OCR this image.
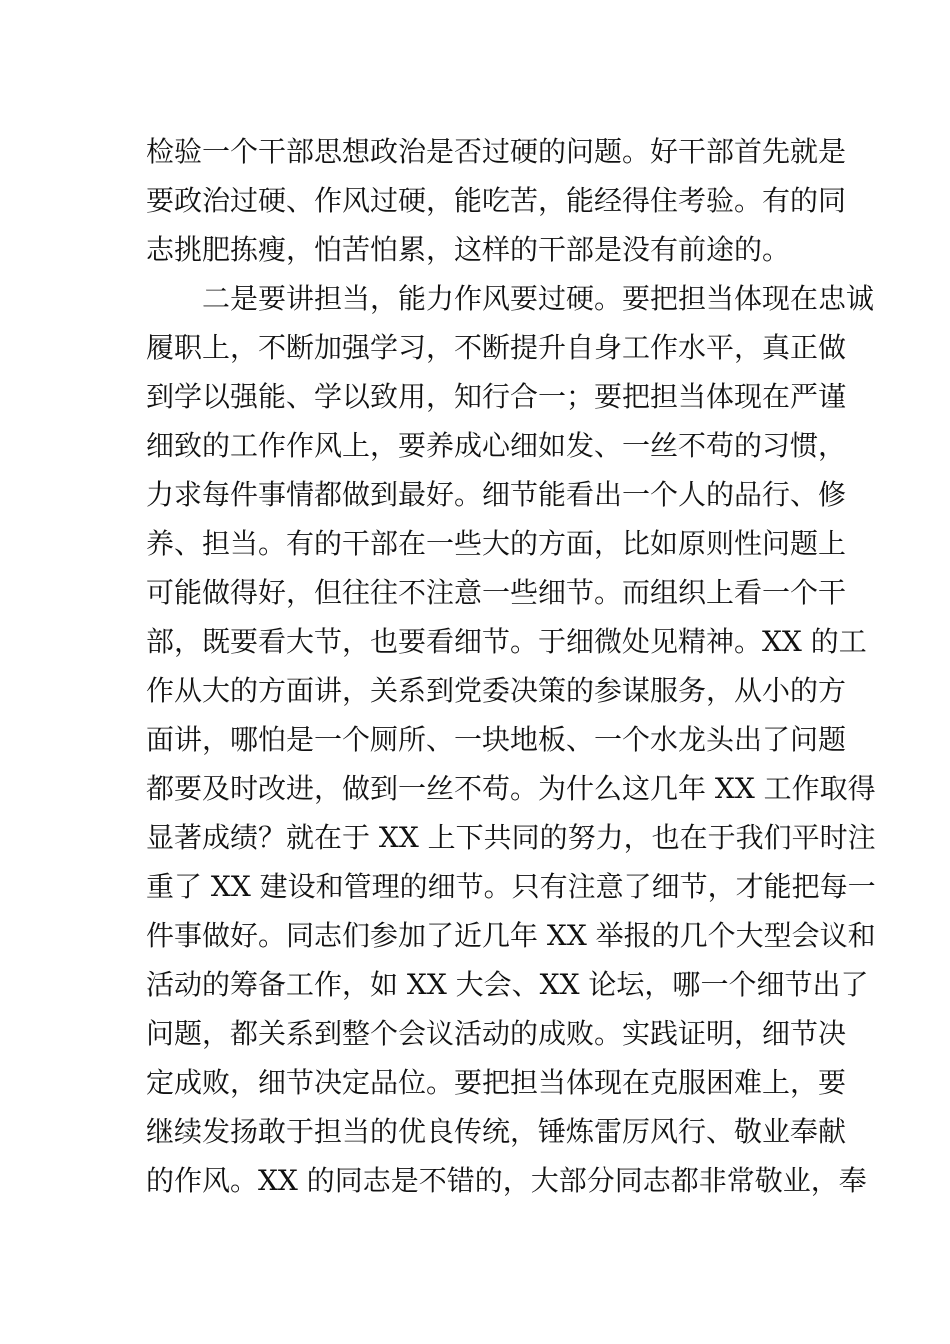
检验一个干部思想政治是否过硬的问题。好干部首先就是
要政治过硬、作风过硬，能吃苦，能经得住考验。有的同
志挑肥拣瘦，怕苦怕累，这样的干部是没有前途的。
　　二是要讲担当，能力作风要过硬。要把担当体现在忠诚
履职上，不断加强学习，不断提升自身工作水平，真正做
到学以强能、学以致用，知行合一；要把担当体现在严谨
细致的工作作风上，要养成心细如发、一丝不苟的习惯，
力求每件事情都做到最好。细节能看出一个人的品行、修
养、担当。有的干部在一些大的方面，比如原则性问题上
可能做得好，但往往不注意一些细节。而组织上看一个干
部，既要看大节，也要看细节。于细微处见精神。XX 的工
作从大的方面讲，关系到党委决策的参谋服务，从小的方
面讲，哪怕是一个厕所、一块地板、一个水龙头出了问题
都要及时改进，做到一丝不苟。为什么这几年 XX 工作取得
显著成绩？就在于 XX 上下共同的努力，也在于我们平时注
重了 XX 建设和管理的细节。只有注意了细节，才能把每一
件事做好。同志们参加了近几年 XX 举报的几个大型会议和
活动的筹备工作，如 XX 大会、XX 论坛，哪一个细节出了
问题，都关系到整个会议活动的成败。实践证明，细节决
定成败，细节决定品位。要把担当体现在克服困难上，要
继续发扬敢于担当的优良传统，锤炼雷厉风行、敬业奉献
的作风。XX 的同志是不错的，大部分同志都非常敬业，奉
